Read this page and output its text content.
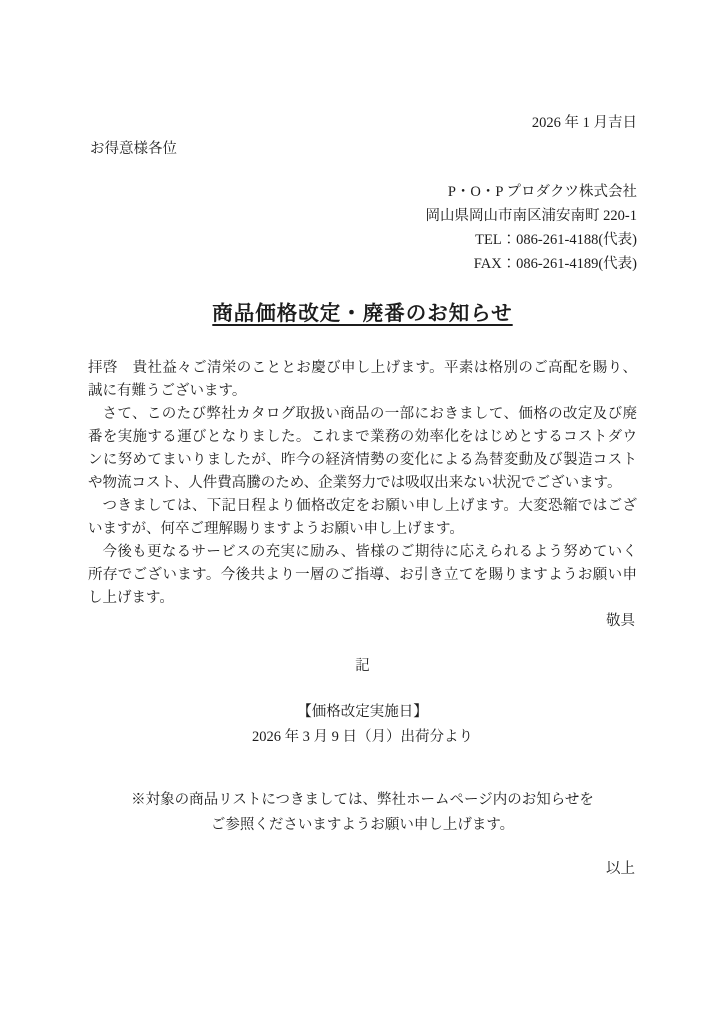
2026 年 1 月吉日
お得意様各位
P・O・P プロダクツ株式会社
岡山県岡山市南区浦安南町 220-1
TEL：086-261-4188(代表)
FAX：086-261-4189(代表)
商品価格改定・廃番のお知らせ

拝啓　貴社益々ご清栄のこととお慶び申し上げます。平素は格別のご高配を賜り、誠に有難うございます。

さて、このたび弊社カタログ取扱い商品の一部におきまして、価格の改定及び廃番を実施する運びとなりました。これまで業務の効率化をはじめとするコストダウンに努めてまいりましたが、昨今の経済情勢の変化による為替変動及び製造コストや物流コスト、人件費高騰のため、企業努力では吸収出来ない状況でございます。

つきましては、下記日程より価格改定をお願い申し上げます。大変恐縮ではございますが、何卒ご理解賜りますようお願い申し上げます。

今後も更なるサービスの充実に励み、皆様のご期待に応えられるよう努めていく所存でございます。今後共より一層のご指導、お引き立てを賜りますようお願い申し上げます。

敬具
記
【価格改定実施日】
2026 年 3 月 9 日（月）出荷分より
※対象の商品リストにつきましては、弊社ホームページ内のお知らせを
ご参照くださいますようお願い申し上げます。
以上
